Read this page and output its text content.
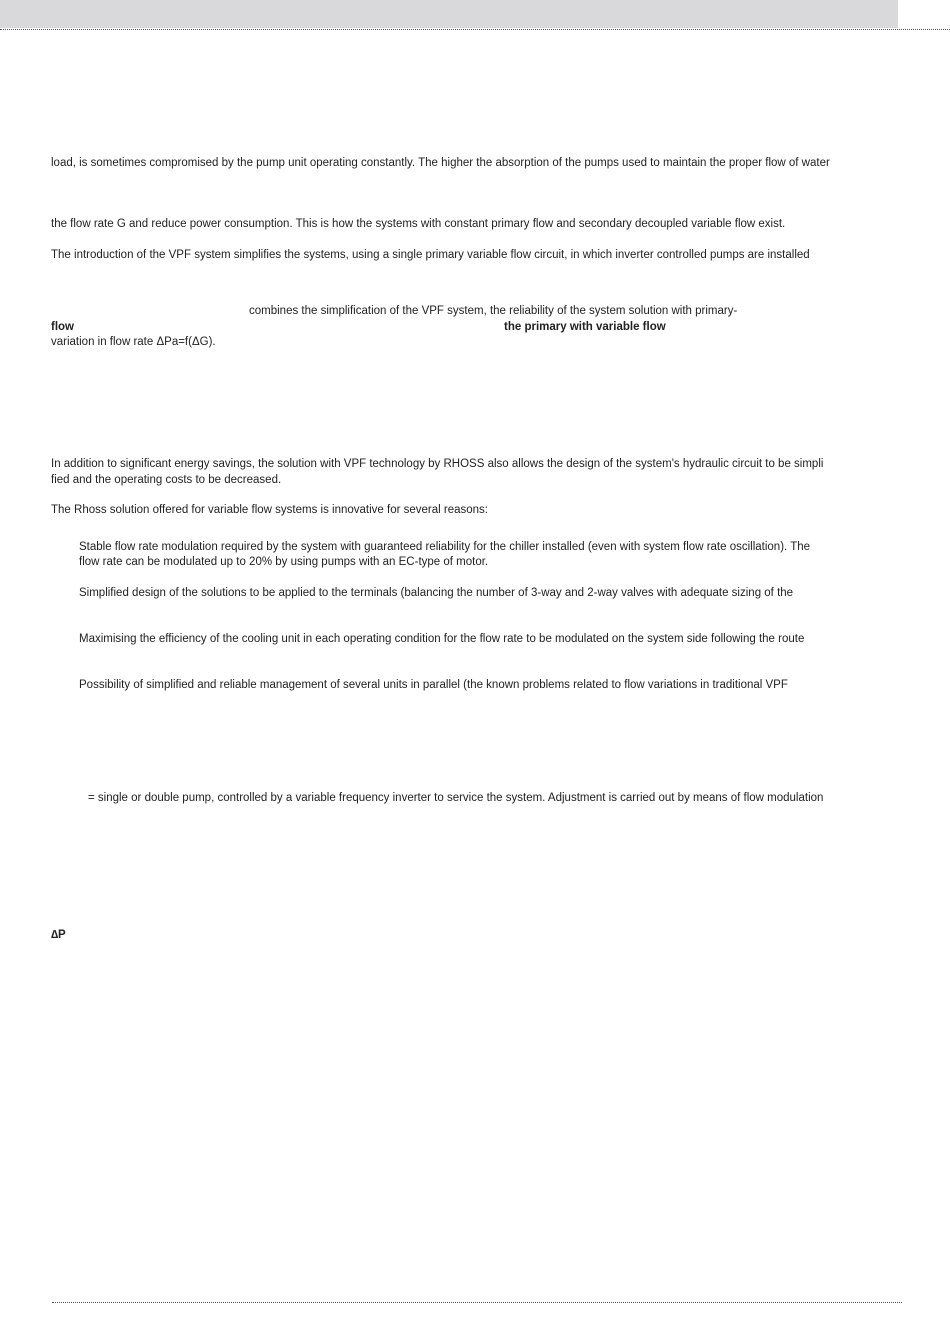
load, is sometimes compromised by the pump unit operating constantly. The higher the absorption of the pumps used to maintain the proper flow of water

the flow rate G and reduce power consumption. This is how the systems with constant primary flow and secondary decoupled variable flow exist.

The introduction of the VPF system simplifies the systems, using a single primary variable flow circuit, in which inverter controlled pumps are installed

combines the simplification of the VPF system, the reliability of the system solution with primary-

flow	the primary with variable flow

variation in flow rate ΔPa=f(ΔG).

In addition to significant energy savings, the solution with VPF technology by RHOSS also allows the design of the system's hydraulic circuit to be simpli

fied and the operating costs to be decreased.

The Rhoss solution offered for variable flow systems is innovative for several reasons:

Stable flow rate modulation required by the system with guaranteed reliability for the chiller installed (even with system flow rate oscillation). The

flow rate can be modulated up to 20% by using pumps with an EC-type of motor.

Simplified design of the solutions to be applied to the terminals (balancing the number of 3-way and 2-way valves with adequate sizing of the

Maximising the efficiency of the cooling unit in each operating condition for the flow rate to be modulated on the system side following the route

Possibility of simplified and reliable management of several units in parallel (the known problems related to flow variations in traditional VPF

= single or double pump, controlled by a variable frequency inverter to service the system. Adjustment is carried out by means of flow modulation

∆P
